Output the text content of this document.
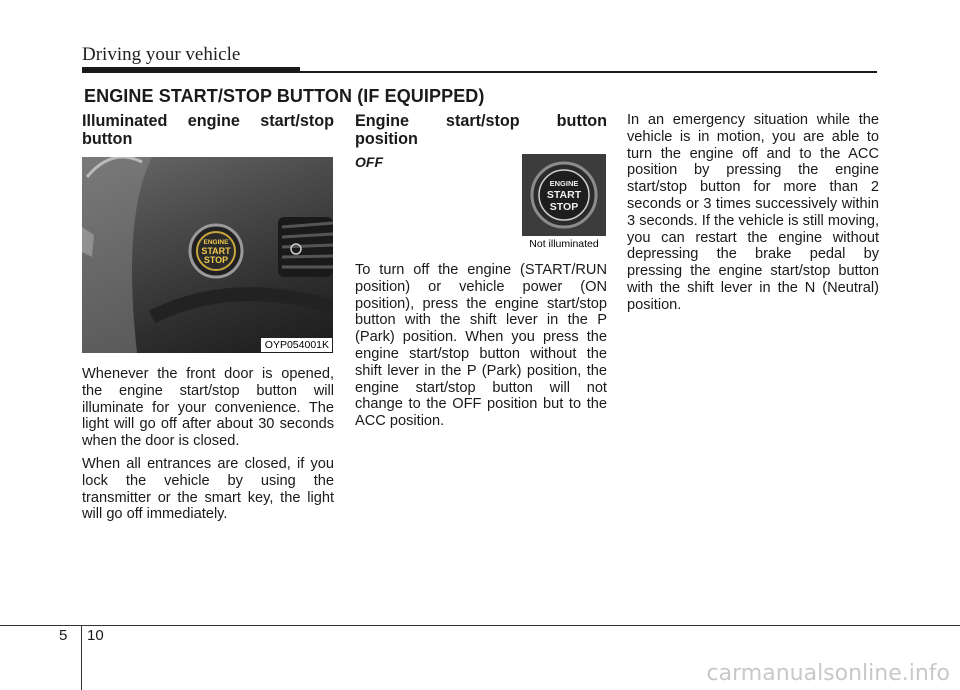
Driving your vehicle
ENGINE START/STOP BUTTON (IF EQUIPPED)

Illuminated engine start/stop button

ENGINE
START
STOP
OYP054001K

Whenever the front door is opened, the engine start/stop button will illuminate for your convenience. The light will go off after about 30 seconds when the door is closed.

When all entrances are closed, if you lock the vehicle by using the transmitter or the smart key, the light will go off immediately.

Engine start/stop button position

OFF
ENGINE
START
STOP
Not illuminated

To turn off the engine (START/RUN position) or vehicle power (ON position), press the engine start/stop button with the shift lever in the P (Park) position. When you press the engine start/stop button without the shift lever in the P (Park) position, the engine start/stop button will not change to the OFF position but to the ACC position.

In an emergency situation while the vehicle is in motion, you are able to turn the engine off and to the ACC position by pressing the engine start/stop button for more than 2 seconds or 3 times successively within 3 seconds. If the vehicle is still moving, you can restart the engine without depressing the brake pedal by pressing the engine start/stop button with the shift lever in the N (Neutral) position.

5 10
carmanualsonline.info
